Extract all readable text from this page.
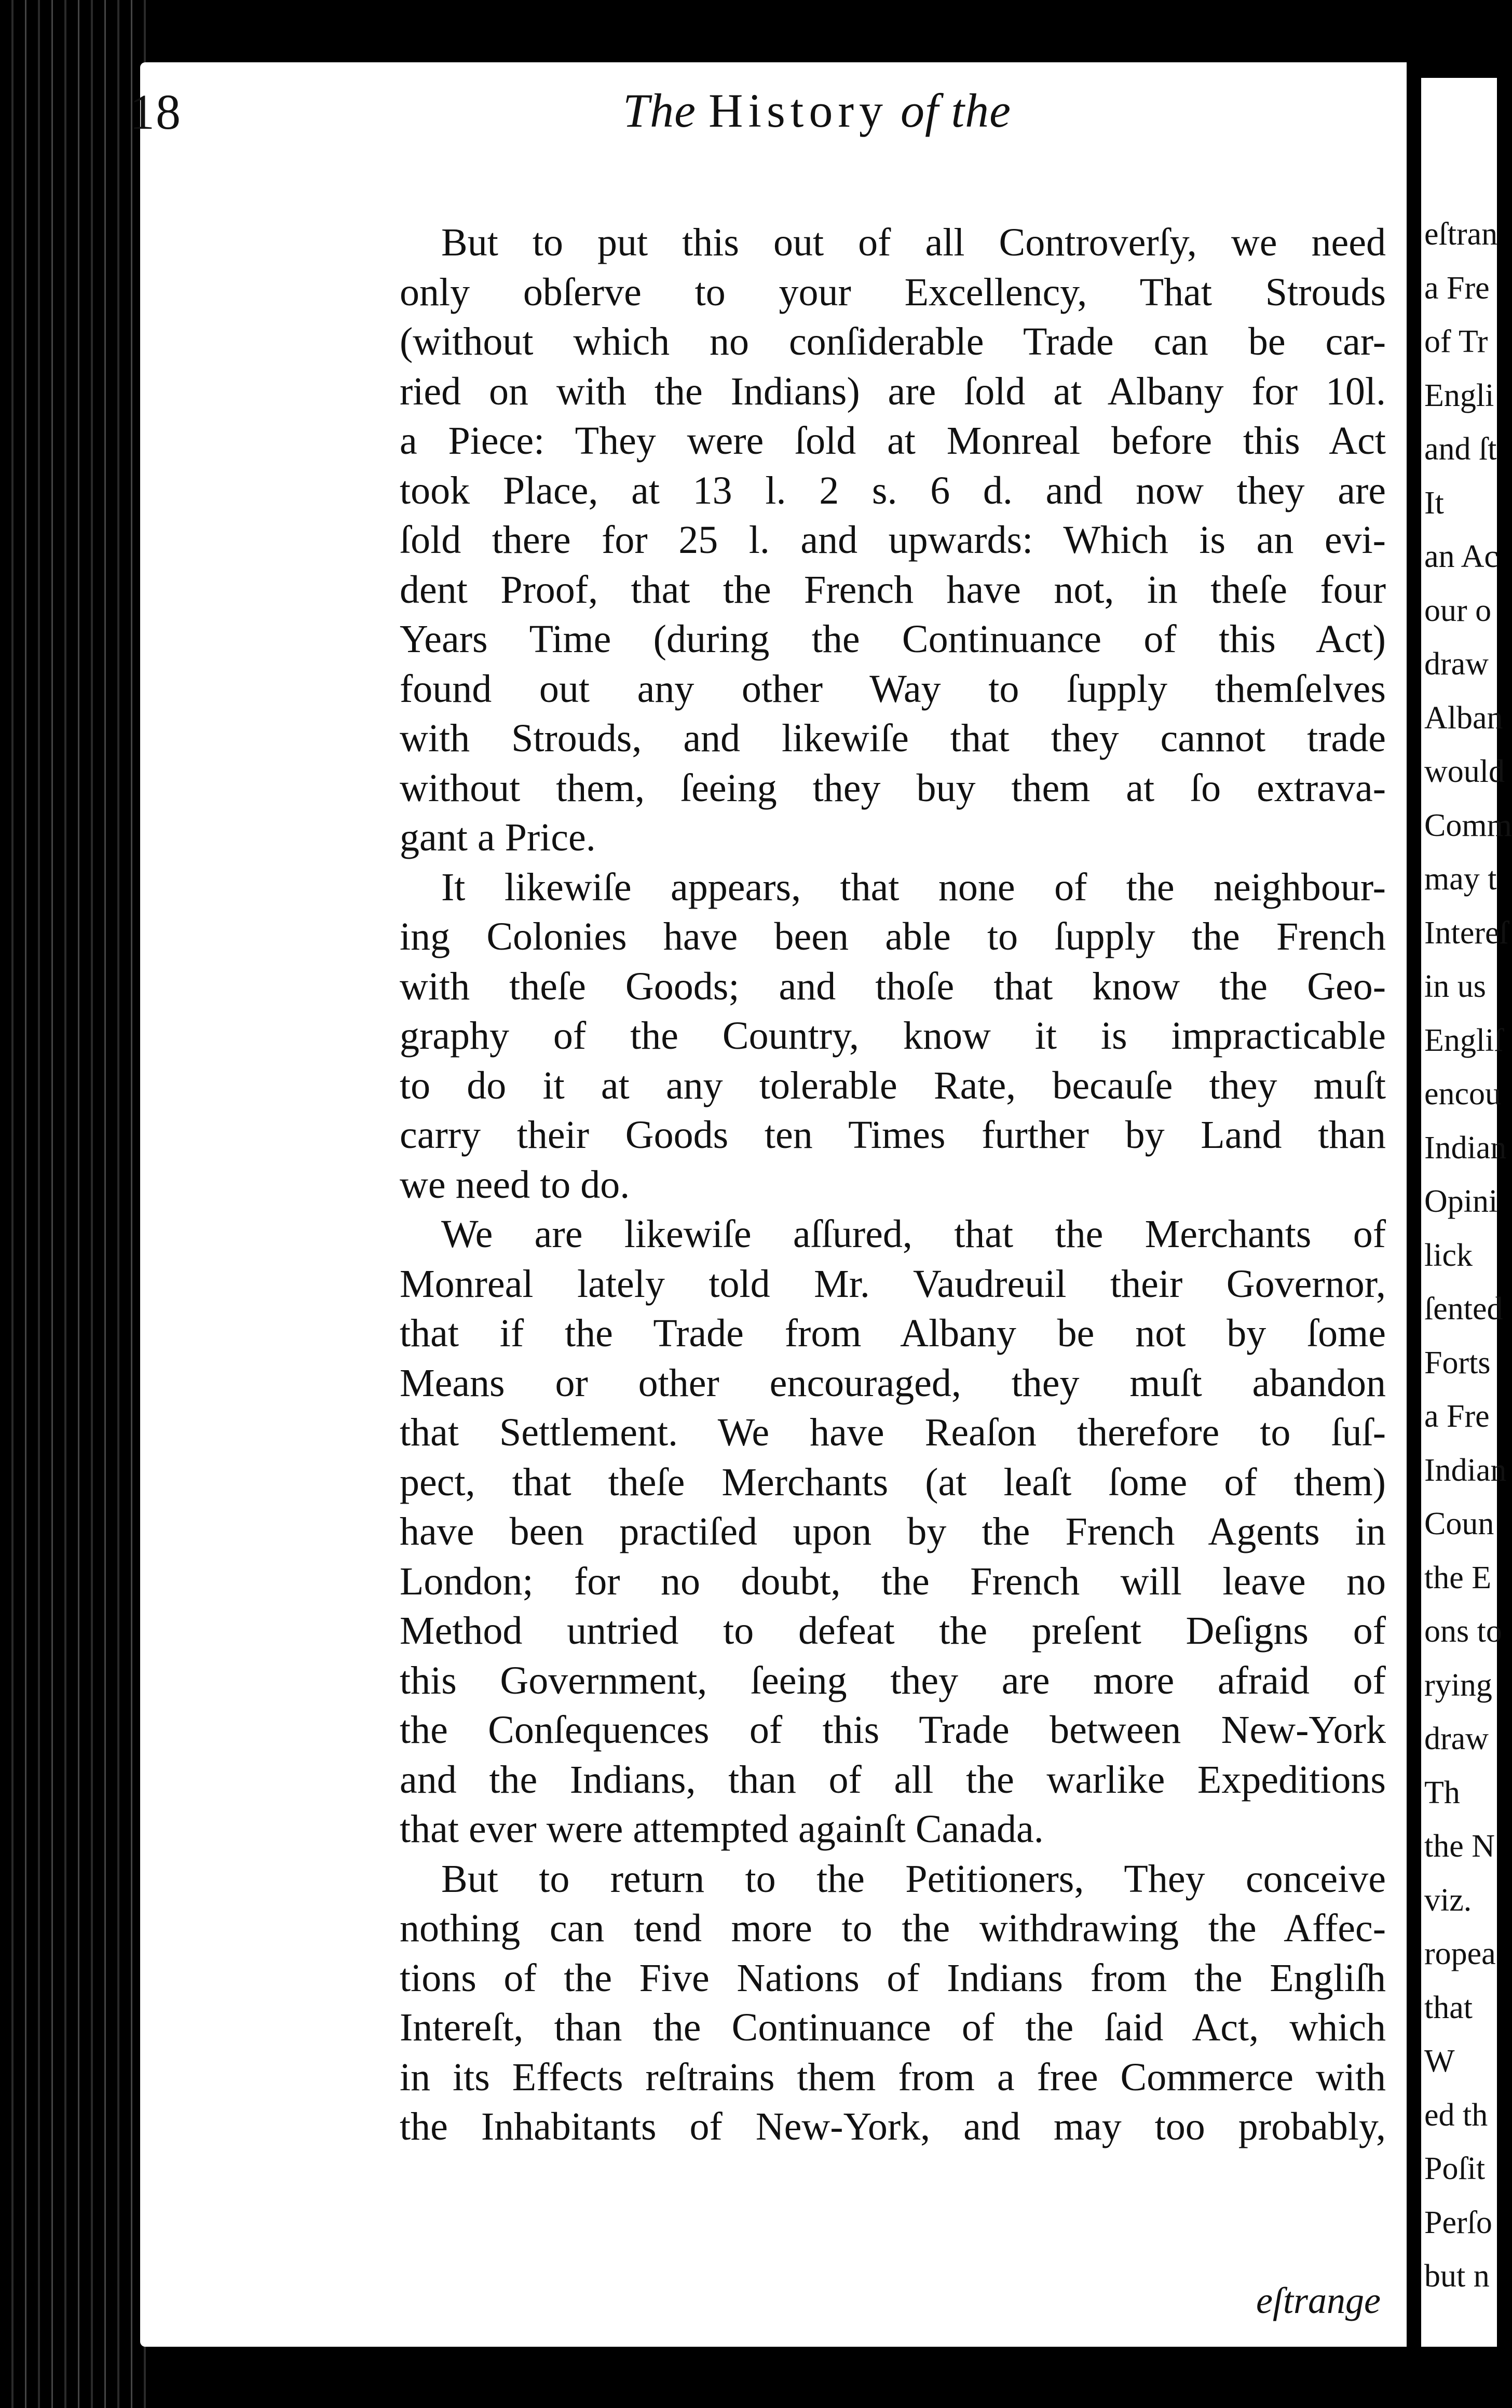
18	The History of the
But to put this out of all Controverſy, we need
only obſerve to your Excellency, That Strouds
(without which no conſiderable Trade can be car-
ried on with the Indians) are ſold at Albany for 10l.
a Piece: They were ſold at Monreal before this Act
took Place, at 13 l. 2 s. 6 d. and now they are
ſold there for 25 l. and upwards: Which is an evi-
dent Proof, that the French have not, in theſe four
Years Time (during the Continuance of this Act)
found out any other Way to ſupply themſelves
with Strouds, and likewiſe that they cannot trade
without them, ſeeing they buy them at ſo extrava-
gant a Price.
It likewiſe appears, that none of the neighbour-
ing Colonies have been able to ſupply the French
with theſe Goods; and thoſe that know the Geo-
graphy of the Country, know it is impracticable
to do it at any tolerable Rate, becauſe they muſt
carry their Goods ten Times further by Land than
we need to do.
We are likewiſe aſſured, that the Merchants of
Monreal lately told Mr. Vaudreuil their Governor,
that if the Trade from Albany be not by ſome
Means or other encouraged, they muſt abandon
that Settlement. We have Reaſon therefore to ſuſ-
pect, that theſe Merchants (at leaſt ſome of them)
have been practiſed upon by the French Agents in
London; for no doubt, the French will leave no
Method untried to defeat the preſent Deſigns of
this Government, ſeeing they are more afraid of
the Conſequences of this Trade between New-York
and the Indians, than of all the warlike Expeditions
that ever were attempted againſt Canada.
But to return to the Petitioners, They conceive
nothing can tend more to the withdrawing the Affec-
tions of the Five Nations of Indians from the Engliſh
Intereſt, than the Continuance of the ſaid Act, which
in its Effects reſtrains them from a free Commerce with
the Inhabitants of New-York, and may too probably,
eſtrange
eſtran
a Fre
of Tr
Engli
and ſt
It
an Ac
our o
draw
Alban
would
Comm
may t
Intereſ
in us
Engliſ
encou
Indian
Opini
lick
ſented
Forts
a Fre
Indian
Coun
the E
ons to
rying
draw
Th
the N
viz.
ropea
that
W
ed th
Poſit
Perſo
but n
